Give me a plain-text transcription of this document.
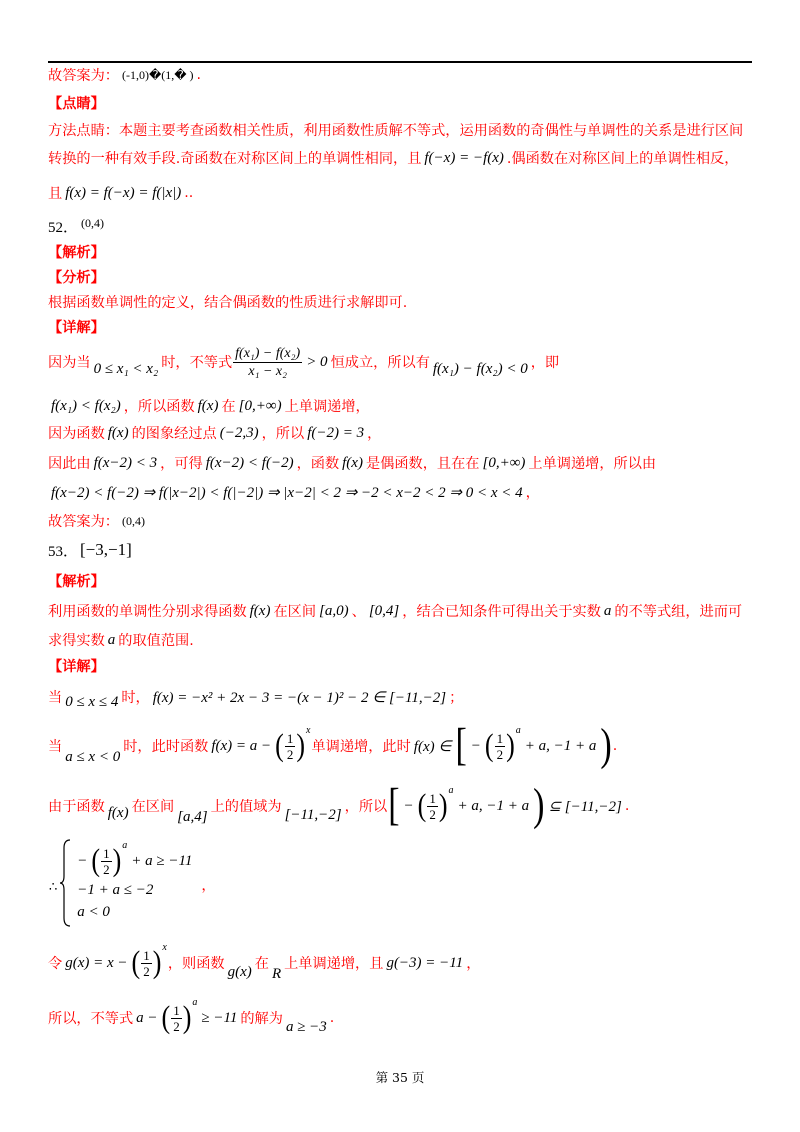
故答案为： (-1,0)�(1,� ) .
【点睛】
方法点睛：本题主要考查函数相关性质，利用函数性质解不等式，运用函数的奇偶性与单调性的关系是进行区间
转换的一种有效手段.奇函数在对称区间上的单调性相同，且 f(−x) = −f(x) .偶函数在对称区间上的单调性相反，
且 f(x) = f(−x) = f(|x|) ..
52． (0,4)
【解析】
【分析】
根据函数单调性的定义，结合偶函数的性质进行求解即可.
【详解】
因为当 0 ≤ x₁ < x₂ 时，不等式 $\frac{\text{f(x₁) − f(x₂)}}{\text{x₁ − x₂}} > 0$ 恒成立，所以有 f(x₁) − f(x₂) < 0 ，即
f(x₁) < f(x₂) ，所以函数 f(x) 在 [0,+∞) 上单调递增，
因为函数 f(x) 的图象经过点 (−2,3) ，所以 f(−2) = 3 ，
因此由 f(x−2) < 3 ，可得 f(x−2) < f(−2) ，函数 f(x) 是偶函数，且在在 [0,+∞) 上单调递增，所以由
f(x−2) < f(−2) ⇒ f(|x−2|) < f(|−2|) ⇒ |x−2| < 2 ⇒ −2 < x−2 < 2 ⇒ 0 < x < 4 ，
故答案为： (0,4)
53． [−3,−1]
【解析】
利用函数的单调性分别求得函数 f(x) 在区间 [a,0) 、 [0,4] ，结合已知条件可得出关于实数 a 的不等式组，进而可
求得实数 a 的取值范围.
【详解】
当 0 ≤ x ≤ 4 时， f(x) = −x² + 2x − 3 = −(x − 1)² − 2 ∈ [−11,−2] ；
当
a ≤ x < 0
时，此时函数 f(x) = a − ( $\frac{1}{2}$ ) x
单调递增，此时 f(x) ∈ [ − ( $\frac{1}{2}$ ) a
+ a, −1 + a ) .
由于函数 f(x) 在区间
[a,4]
上的值域为 [−11,−2] ，所以 [ − ( $\frac{1}{2}$ ) a
+ a, −1 + a ) ⊆ [−11,−2] .
∴
− ( $\frac{1}{2}$ ) a
+ a ≥ −11
−1 + a ≤ −2
a < 0
，
令 g(x) = x − ( $\frac{1}{2}$ ) x
，则函数 g(x) 在
R
上单调递增，且 g(−3) = −11 ，
所以，不等式 a − ( $\frac{1}{2}$ ) a
≥ −11 的解为 a ≥ −3
.
第 35 页
